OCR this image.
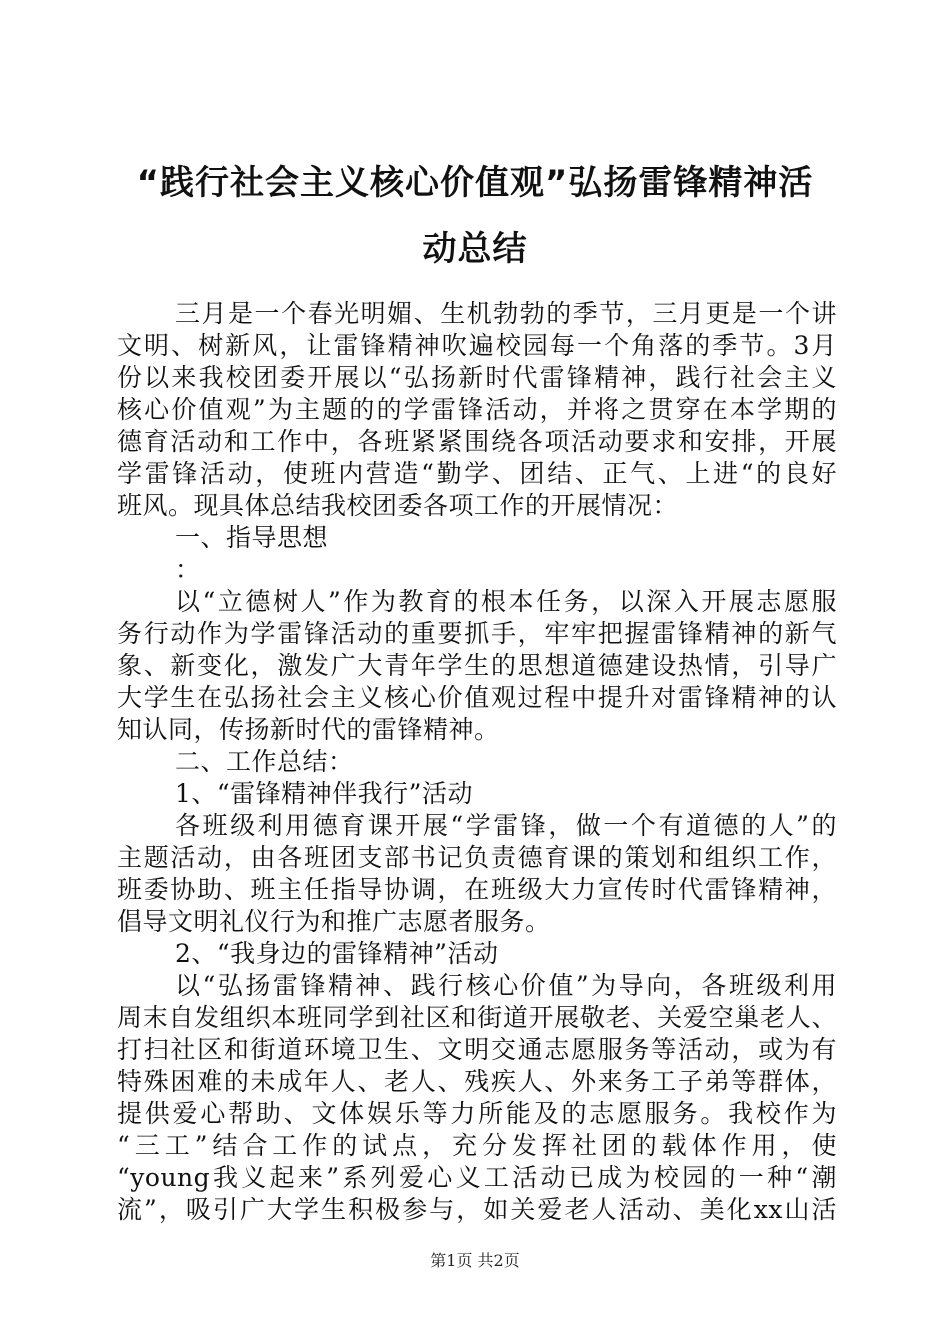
“践行社会主义核心价值观”弘扬雷锋精神活
动总结
三月是一个春光明媚、生机勃勃的季节，三月更是一个讲
文明、树新风，让雷锋精神吹遍校园每一个角落的季节。3月
份以来我校团委开展以“弘扬新时代雷锋精神，践行社会主义
核心价值观”为主题的的学雷锋活动，并将之贯穿在本学期的
德育活动和工作中，各班紧紧围绕各项活动要求和安排，开展
学雷锋活动，使班内营造“勤学、团结、正气、上进“的良好
班风。现具体总结我校团委各项工作的开展情况：
一、指导思想
：
以“立德树人”作为教育的根本任务，以深入开展志愿服
务行动作为学雷锋活动的重要抓手，牢牢把握雷锋精神的新气
象、新变化，激发广大青年学生的思想道德建设热情，引导广
大学生在弘扬社会主义核心价值观过程中提升对雷锋精神的认
知认同，传扬新时代的雷锋精神。
二、工作总结：
1、“雷锋精神伴我行”活动
各班级利用德育课开展“学雷锋，做一个有道德的人”的
主题活动，由各班团支部书记负责德育课的策划和组织工作，
班委协助、班主任指导协调，在班级大力宣传时代雷锋精神，
倡导文明礼仪行为和推广志愿者服务。
2、“我身边的雷锋精神”活动
以“弘扬雷锋精神、践行核心价值”为导向，各班级利用
周末自发组织本班同学到社区和街道开展敬老、关爱空巢老人、
打扫社区和街道环境卫生、文明交通志愿服务等活动，或为有
特殊困难的未成年人、老人、残疾人、外来务工子弟等群体，
提供爱心帮助、文体娱乐等力所能及的志愿服务。我校作为
“三工”结合工作的试点，充分发挥社团的载体作用，使
“young我义起来”系列爱心义工活动已成为校园的一种“潮
流”，吸引广大学生积极参与，如关爱老人活动、美化xx山活
第1页 共2页
